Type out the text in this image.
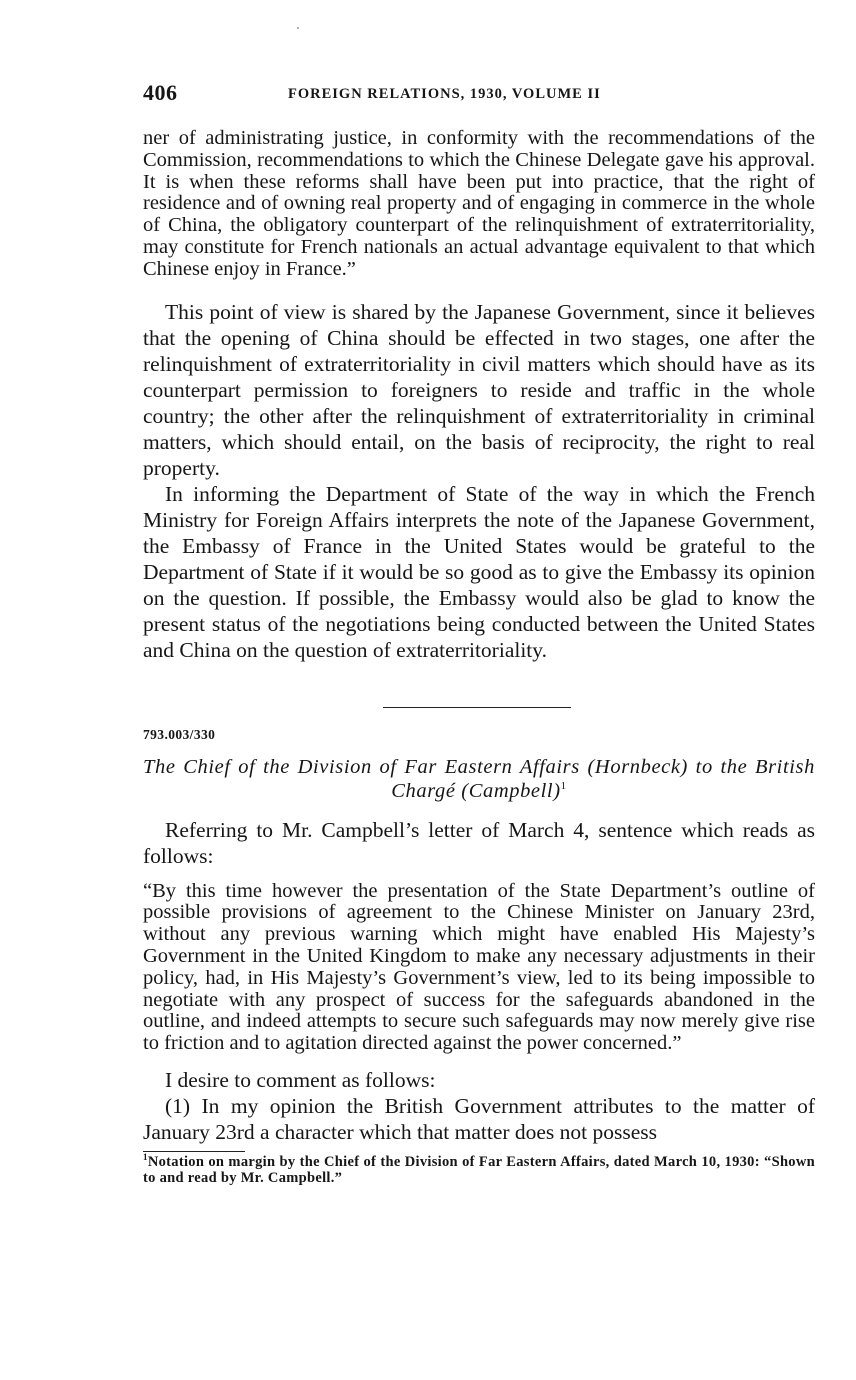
406	FOREIGN RELATIONS, 1930, VOLUME II

ner of administrating justice, in conformity with the recommendations of the Commission, recommendations to which the Chinese Delegate gave his approval. It is when these reforms shall have been put into practice, that the right of residence and of owning real property and of engaging in commerce in the whole of China, the obligatory counterpart of the relinquishment of extraterritoriality, may constitute for French nationals an actual advantage equivalent to that which Chinese enjoy in France.”

This point of view is shared by the Japanese Government, since it believes that the opening of China should be effected in two stages, one after the relinquishment of extraterritoriality in civil matters which should have as its counterpart permission to foreigners to reside and traffic in the whole country; the other after the relinquishment of extraterritoriality in criminal matters, which should entail, on the basis of reciprocity, the right to real property.

In informing the Department of State of the way in which the French Ministry for Foreign Affairs interprets the note of the Japanese Government, the Embassy of France in the United States would be grateful to the Department of State if it would be so good as to give the Embassy its opinion on the question. If possible, the Embassy would also be glad to know the present status of the negotiations being conducted between the United States and China on the question of extraterritoriality.

793.003/330
The Chief of the Division of Far Eastern Affairs (Hornbeck) to the British Chargé (Campbell)$^1$

Referring to Mr. Campbell’s letter of March 4, sentence which reads as follows:

“By this time however the presentation of the State Department’s outline of possible provisions of agreement to the Chinese Minister on January 23rd, without any previous warning which might have enabled His Majesty’s Government in the United Kingdom to make any necessary adjustments in their policy, had, in His Majesty’s Government’s view, led to its being impossible to negotiate with any prospect of success for the safeguards abandoned in the outline, and indeed attempts to secure such safeguards may now merely give rise to friction and to agitation directed against the power concerned.”

I desire to comment as follows:

(1) In my opinion the British Government attributes to the matter of January 23rd a character which that matter does not possess

$^1$Notation on margin by the Chief of the Division of Far Eastern Affairs, dated March 10, 1930: “Shown to and read by Mr. Campbell.”
